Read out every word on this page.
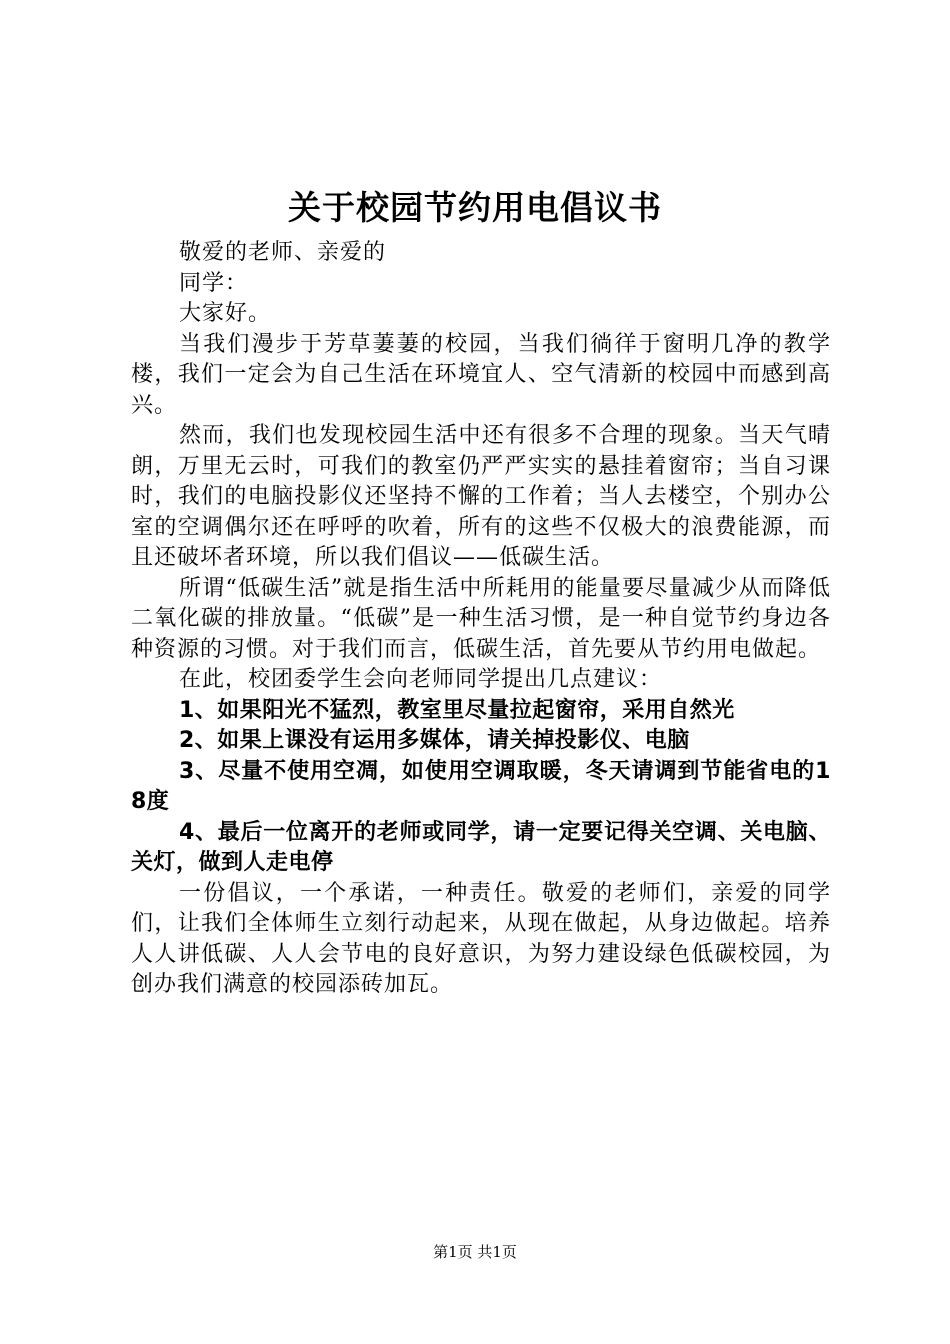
关于校园节约用电倡议书

敬爱的老师、亲爱的

同学：

大家好。

当我们漫步于芳草萋萋的校园，当我们徜徉于窗明几净的教学楼，我们一定会为自己生活在环境宜人、空气清新的校园中而感到高兴。

然而，我们也发现校园生活中还有很多不合理的现象。当天气晴朗，万里无云时，可我们的教室仍严严实实的悬挂着窗帘；当自习课时，我们的电脑投影仪还坚持不懈的工作着；当人去楼空，个别办公室的空调偶尔还在呼呼的吹着，所有的这些不仅极大的浪费能源，而且还破坏者环境，所以我们倡议——低碳生活。

所谓“低碳生活”就是指生活中所耗用的能量要尽量减少从而降低二氧化碳的排放量。“低碳”是一种生活习惯，是一种自觉节约身边各种资源的习惯。对于我们而言，低碳生活，首先要从节约用电做起。

在此，校团委学生会向老师同学提出几点建议：

1、如果阳光不猛烈，教室里尽量拉起窗帘，采用自然光

2、如果上课没有运用多媒体，请关掉投影仪、电脑

3、尽量不使用空凋，如使用空调取暖，冬天请调到节能省电的18度

4、最后一位离开的老师或同学，请一定要记得关空调、关电脑、关灯，做到人走电停

一份倡议，一个承诺，一种责任。敬爱的老师们，亲爱的同学们，让我们全体师生立刻行动起来，从现在做起，从身边做起。培养人人讲低碳、人人会节电的良好意识，为努力建设绿色低碳校园，为创办我们满意的校园添砖加瓦。

第1页 共1页
